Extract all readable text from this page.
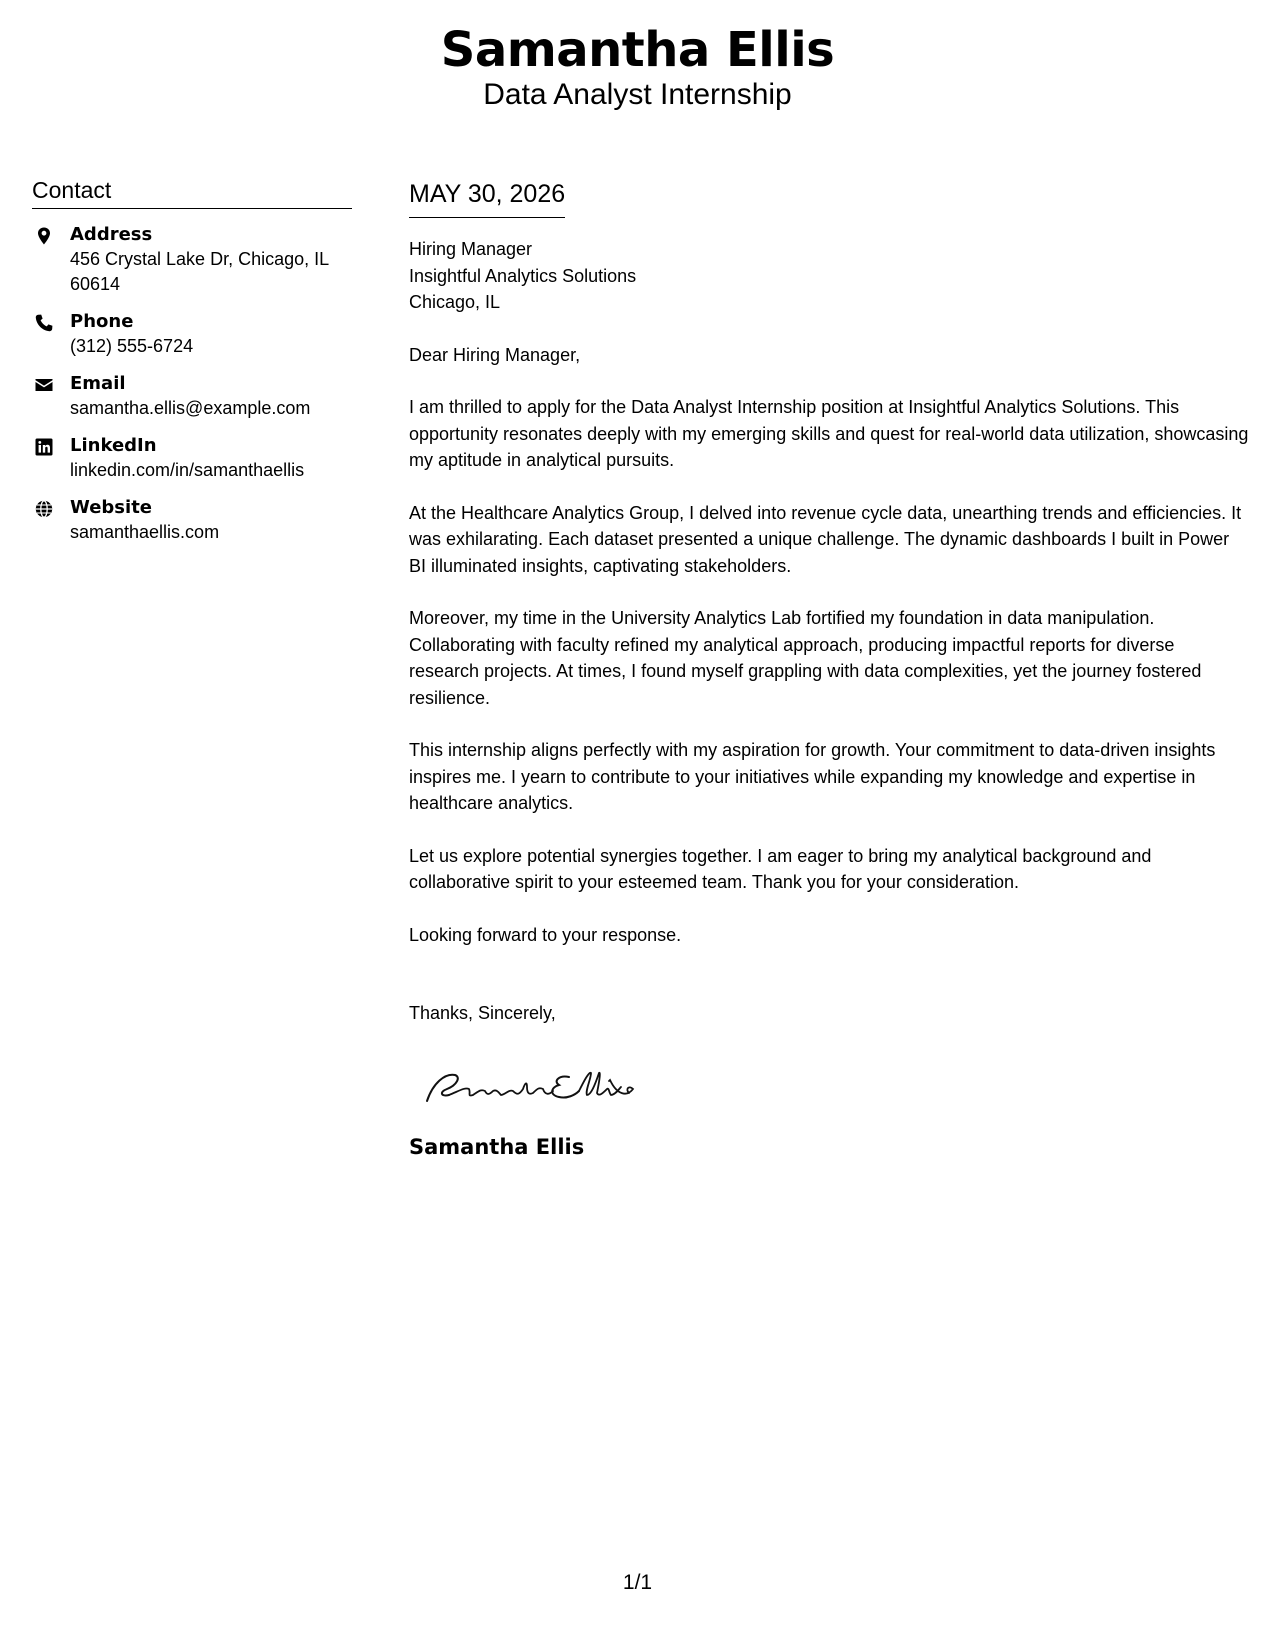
Samantha Ellis
Data Analyst Internship
Contact
Address
456 Crystal Lake Dr, Chicago, IL
60614
Phone
(312) 555-6724
Email
samantha.ellis@example.com
LinkedIn
linkedin.com/in/samanthaellis
Website
samanthaellis.com
MAY 30, 2026
Hiring Manager
Insightful Analytics Solutions
Chicago, IL
Dear Hiring Manager,
I am thrilled to apply for the Data Analyst Internship position at Insightful Analytics Solutions. This opportunity resonates deeply with my emerging skills and quest for real-world data utilization, showcasing my aptitude in analytical pursuits.
At the Healthcare Analytics Group, I delved into revenue cycle data, unearthing trends and efficiencies. It was exhilarating. Each dataset presented a unique challenge. The dynamic dashboards I built in Power BI illuminated insights, captivating stakeholders.
Moreover, my time in the University Analytics Lab fortified my foundation in data manipulation. Collaborating with faculty refined my analytical approach, producing impactful reports for diverse research projects. At times, I found myself grappling with data complexities, yet the journey fostered resilience.
This internship aligns perfectly with my aspiration for growth. Your commitment to data-driven insights inspires me. I yearn to contribute to your initiatives while expanding my knowledge and expertise in healthcare analytics.
Let us explore potential synergies together. I am eager to bring my analytical background and collaborative spirit to your esteemed team. Thank you for your consideration.
Looking forward to your response.
Thanks, Sincerely,
Samantha Ellis
1/1
